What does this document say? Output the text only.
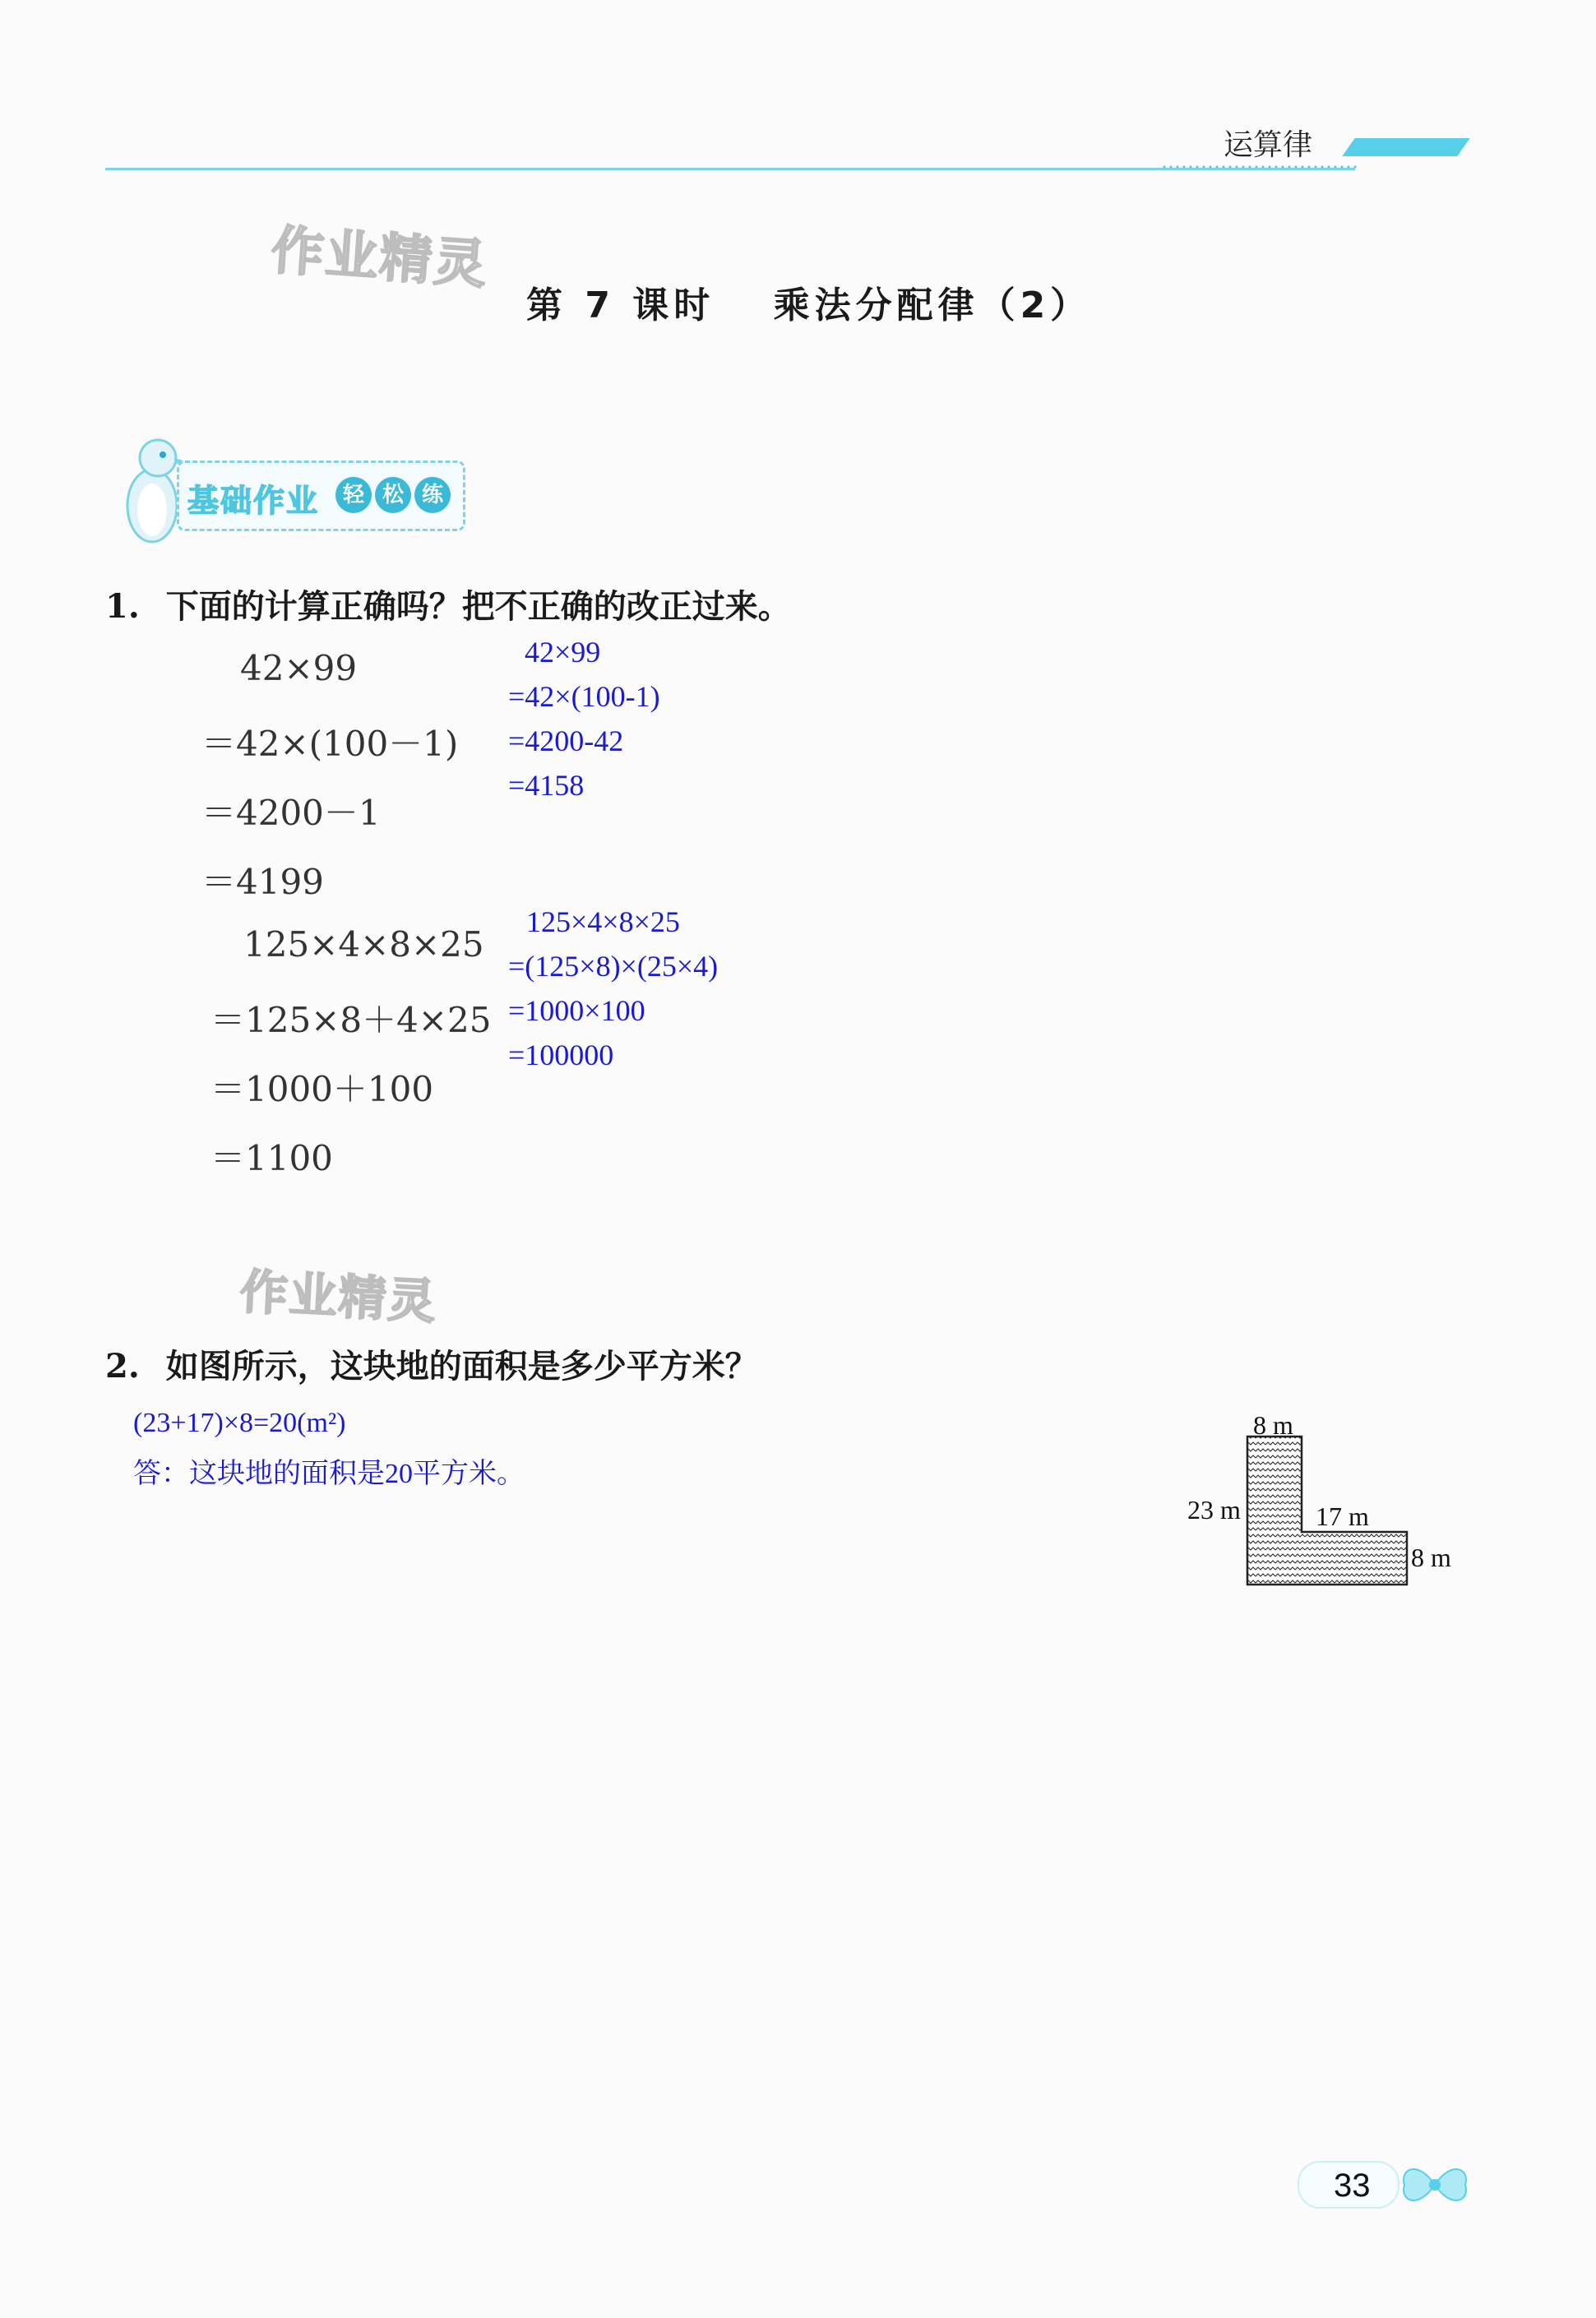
运算律
作业精灵
作业精灵
第 7 课时　 乘法分配律（2）
基础作业	轻 松 练
1. 下面的计算正确吗？把不正确的改正过来。
42×99
＝42×(100－1)
＝4200－1
＝4199
42×99
=42×(100-1)
=4200-42
=4158
125×4×8×25
＝125×8＋4×25
＝1000＋100
＝1100
125×4×8×25
=(125×8)×(25×4)
=1000×100
=100000
2. 如图所示，这块地的面积是多少平方米？
(23+17)×8=20(m²)
答：这块地的面积是20平方米。
8 m
23 m	17 m
8 m
33
